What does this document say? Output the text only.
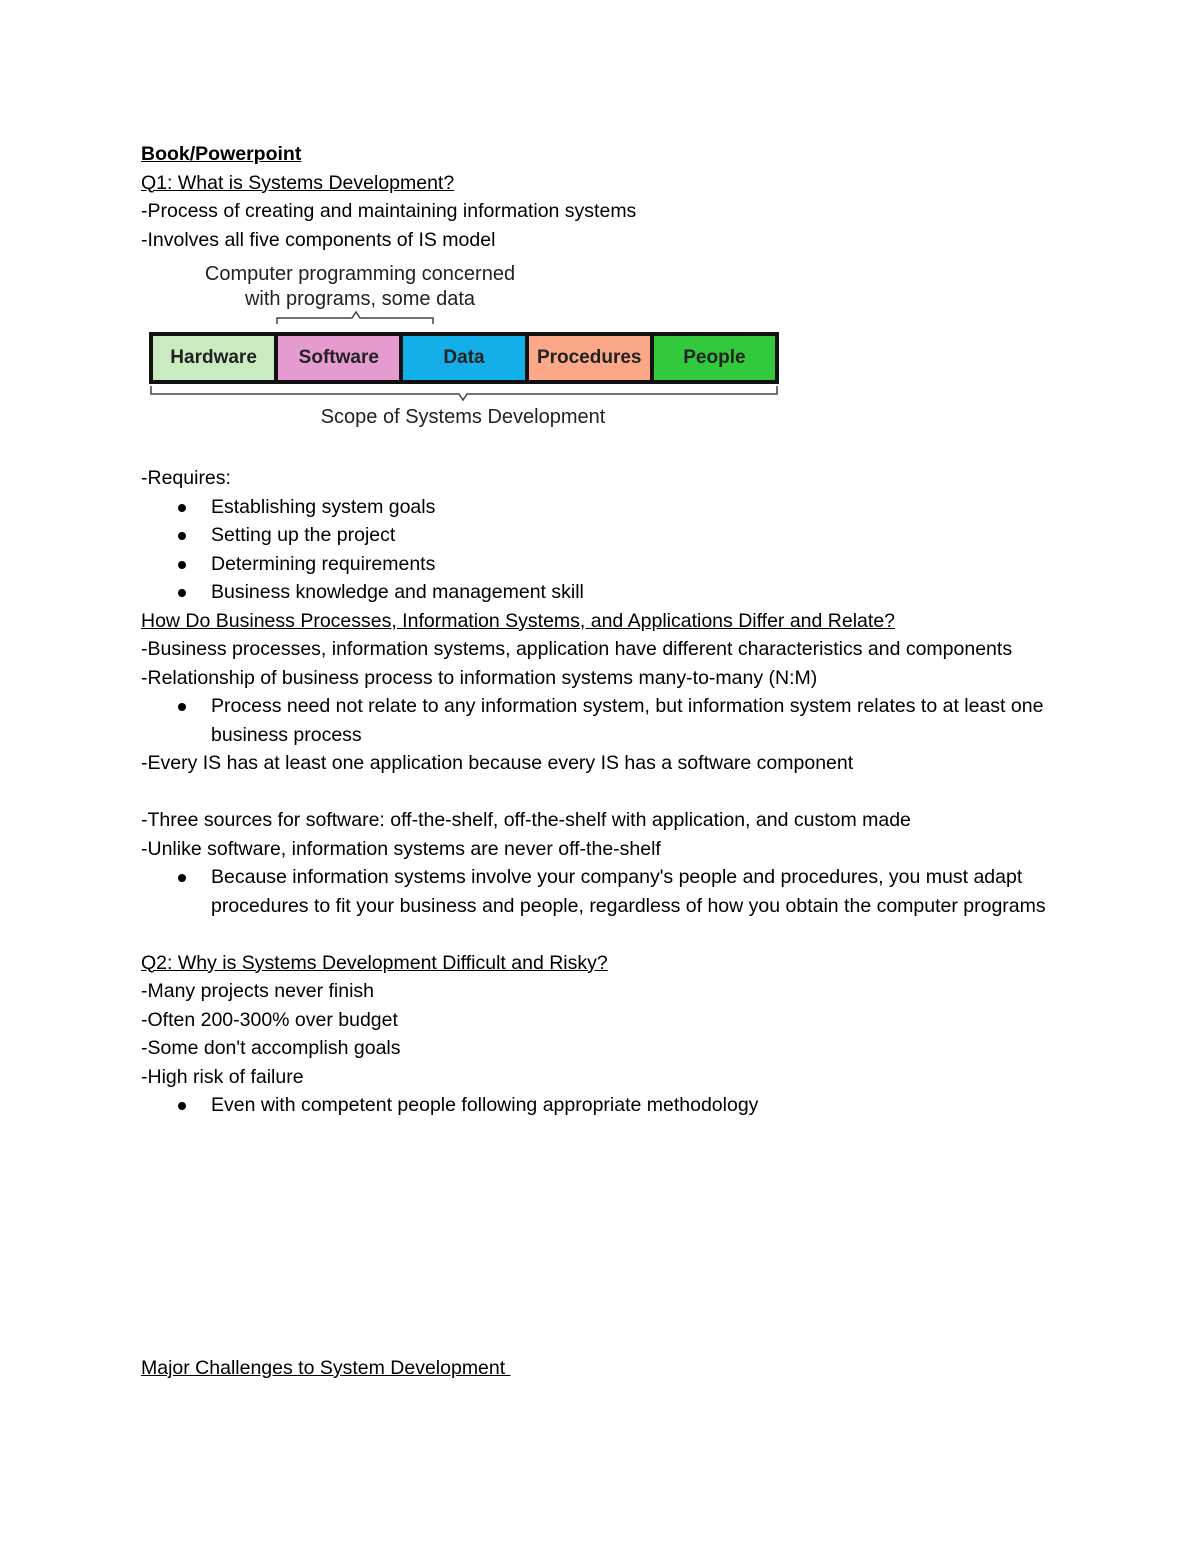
Book/Powerpoint

Q1: What is Systems Development?

-Process of creating and maintaining information systems

-Involves all five components of IS model

Computer programming concerned
with programs, some data
Hardware	Software	Data	Procedures	People
Scope of Systems Development

-Requires:

Establishing system goals
Setting up the project
Determining requirements
Business knowledge and management skill

How Do Business Processes, Information Systems, and Applications Differ and Relate?

-Business processes, information systems, application have different characteristics and components

-Relationship of business process to information systems many-to-many (N:M)

Process need not relate to any information system, but information system relates to at least one business process

-Every IS has at least one application because every IS has a software component

-Three sources for software: off-the-shelf, off-the-shelf with application, and custom made

-Unlike software, information systems are never off-the-shelf

Because information systems involve your company's people and procedures, you must adapt procedures to fit your business and people, regardless of how you obtain the computer programs

Q2: Why is Systems Development Difficult and Risky?

-Many projects never finish

-Often 200-300% over budget

-Some don't accomplish goals

-High risk of failure

Even with competent people following appropriate methodology

Major Challenges to System Development
